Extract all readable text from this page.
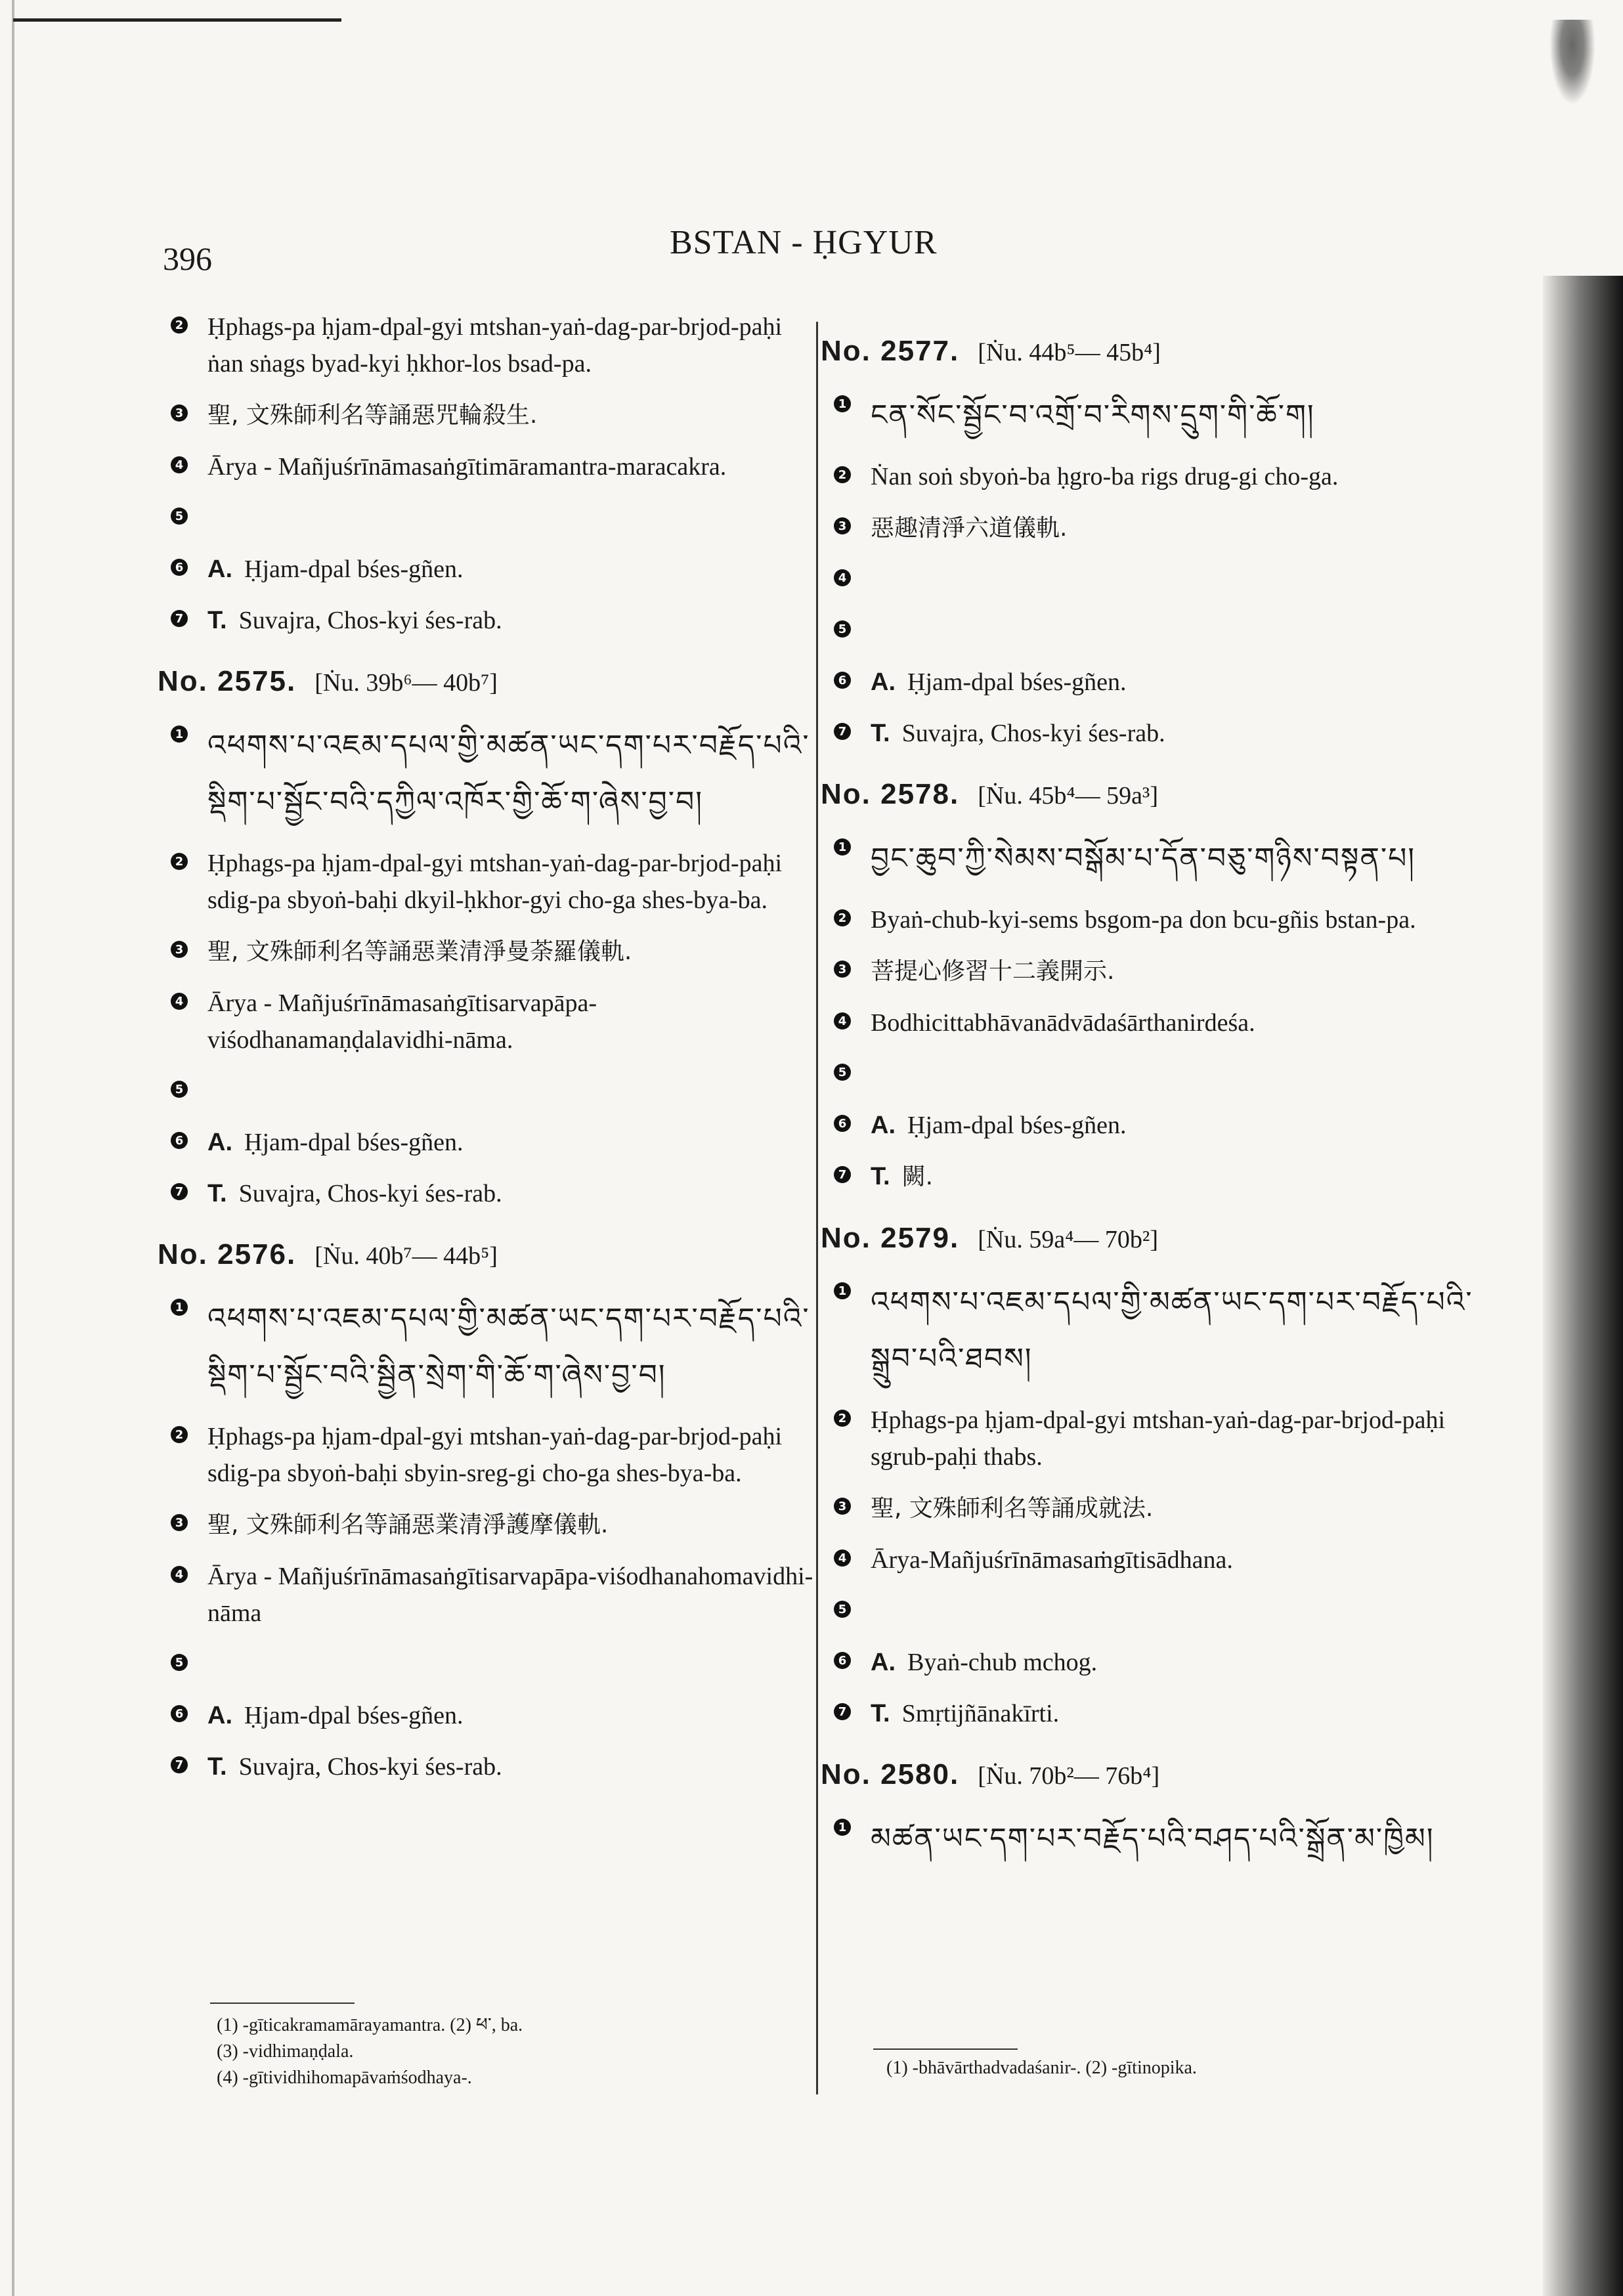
396	BSTAN - ḤGYUR
2 Ḥphags-pa ḥjam-dpal-gyi mtshan-yaṅ-dag-par-brjod-paḥi ṅan sṅags byad-kyi ḥkhor-los bsad-pa.
3 聖, 文殊師利名等誦惡咒輪殺生.
4 Ārya - Mañjuśrīnāmasaṅgītimāramantra-maracakra.
5

6 A. Ḥjam-dpal bśes-gñen.
7 T. Suvajra, Chos-kyi śes-rab.
No. 2575. [Ṅu. 39b⁶— 40b⁷]
1 འཕགས་པ་འཇམ་དཔལ་གྱི་མཚན་ཡང་དག་པར་བརྗོད་པའི་སྡིག་པ་སྦྱོང་བའི་དཀྱིལ་འཁོར་གྱི་ཆོ་ག་ཞེས་བྱ་བ།
2 Ḥphags-pa ḥjam-dpal-gyi mtshan-yaṅ-dag-par-brjod-paḥi sdig-pa sbyoṅ-baḥi dkyil-ḥkhor-gyi cho-ga shes-bya-ba.
3 聖, 文殊師利名等誦惡業清淨曼荼羅儀軌.
4 Ārya - Mañjuśrīnāmasaṅgītisarvapāpa-viśodhanamaṇḍalavidhi-nāma.
5

6 A. Ḥjam-dpal bśes-gñen.
7 T. Suvajra, Chos-kyi śes-rab.
No. 2576. [Ṅu. 40b⁷— 44b⁵]
1 འཕགས་པ་འཇམ་དཔལ་གྱི་མཚན་ཡང་དག་པར་བརྗོད་པའི་སྡིག་པ་སྦྱོང་བའི་སྦྱིན་སྲེག་གི་ཆོ་ག་ཞེས་བྱ་བ།
2 Ḥphags-pa ḥjam-dpal-gyi mtshan-yaṅ-dag-par-brjod-paḥi sdig-pa sbyoṅ-baḥi sbyin-sreg-gi cho-ga shes-bya-ba.
3 聖, 文殊師利名等誦惡業清淨護摩儀軌.
4 Ārya - Mañjuśrīnāmasaṅgītisarvapāpa-viśodhanahomavidhi-nāma
5

6 A. Ḥjam-dpal bśes-gñen.
7 T. Suvajra, Chos-kyi śes-rab.
No. 2577. [Ṅu. 44b⁵— 45b⁴]
1 ངན་སོང་སྦྱོང་བ་འགྲོ་བ་རིགས་དྲུག་གི་ཆོ་ག།
2 Ṅan soṅ sbyoṅ-ba ḥgro-ba rigs drug-gi cho-ga.
3 惡趣清淨六道儀軌.
4

5

6 A. Ḥjam-dpal bśes-gñen.
7 T. Suvajra, Chos-kyi śes-rab.
No. 2578. [Ṅu. 45b⁴— 59a³]
1 བྱང་ཆུབ་ཀྱི་སེམས་བསྒོམ་པ་དོན་བཅུ་གཉིས་བསྟན་པ།
2 Byaṅ-chub-kyi-sems bsgom-pa don bcu-gñis bstan-pa.
3 菩提心修習十二義開示.
4 Bodhicittabhāvanādvādaśārthanirdeśa.
5

6 A. Ḥjam-dpal bśes-gñen.
7 T. 闕.
No. 2579. [Ṅu. 59a⁴— 70b²]
1 འཕགས་པ་འཇམ་དཔལ་གྱི་མཚན་ཡང་དག་པར་བརྗོད་པའི་སྒྲུབ་པའི་ཐབས།
2 Ḥphags-pa ḥjam-dpal-gyi mtshan-yaṅ-dag-par-brjod-paḥi sgrub-paḥi thabs.
3 聖, 文殊師利名等誦成就法.
4 Ārya-Mañjuśrīnāmasaṁgītisādhana.
5

6 A. Byaṅ-chub mchog.
7 T. Smṛtijñānakīrti.
No. 2580. [Ṅu. 70b²— 76b⁴]
1 མཚན་ཡང་དག་པར་བརྗོད་པའི་བཤད་པའི་སྒྲོན་མ་ཁྱིམ།
(1) -gīticakramamārayamantra. (2) ཕ་, ba.
(3) -vidhimaṇḍala.
(4) -gītividhihomapāvaṁśodhaya-.	(1) -bhāvārthadvadaśanir-. (2) -gītinopika.
